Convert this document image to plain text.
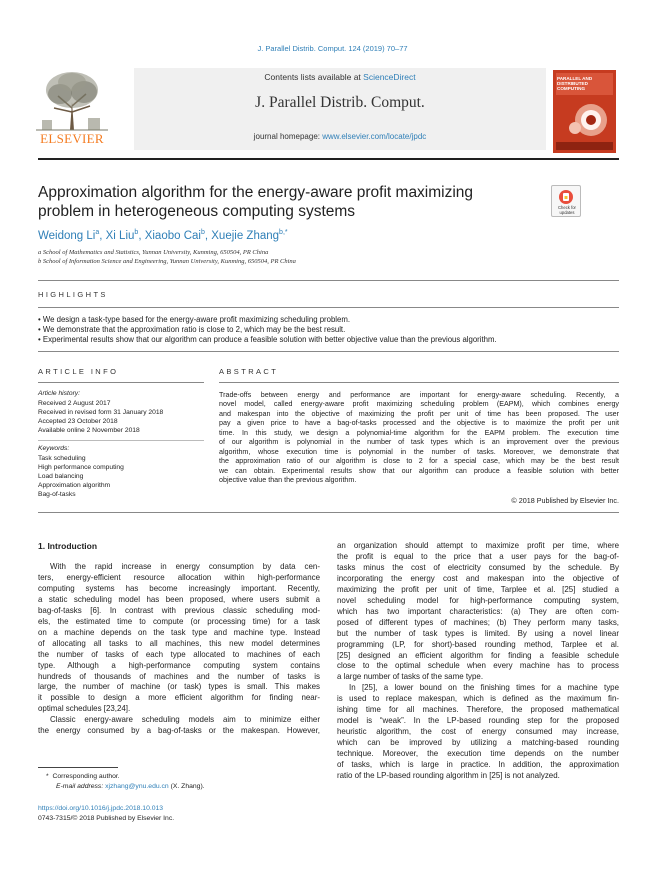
J. Parallel Distrib. Comput. 124 (2019) 70–77
Contents lists available at ScienceDirect
J. Parallel Distrib. Comput.
journal homepage: www.elsevier.com/locate/jpdc
ELSEVIER
PARALLEL AND DISTRIBUTED COMPUTING
Approximation algorithm for the energy-aware profit maximizing
problem in heterogeneous computing systems	Check for updates
Weidong Li$^a$, Xi Liu$^b$, Xiaobo Cai$^b$, Xuejie Zhang$^{b,*}$
a School of Mathematics and Statistics, Yunnan University, Kunming, 650504, PR China
b School of Information Science and Engineering, Yunnan University, Kunming, 650504, PR China
HIGHLIGHTS
• We design a task-type based for the energy-aware profit maximizing scheduling problem.
• We demonstrate that the approximation ratio is close to 2, which may be the best result.
• Experimental results show that our algorithm can produce a feasible solution with better objective value than the previous algorithm.
ARTICLE INFO
Article history:
Received 2 August 2017
Received in revised form 31 January 2018
Accepted 23 October 2018
Available online 2 November 2018
Keywords:
Task scheduling
High performance computing
Load balancing
Approximation algorithm
Bag-of-tasks
ABSTRACT
Trade-offs between energy and performance are important for energy-aware scheduling. Recently, a
novel model, called energy-aware profit maximizing scheduling problem (EAPM), which combines energy
and makespan into the objective of maximizing the profit per unit of time has been proposed. The user
pay a given price to have a bag-of-tasks processed and the objective is to maximize the profit per unit
time. In this study, we design a polynomial-time algorithm for the EAPM problem. The execution time
of our algorithm is polynomial in the number of task types which is an improvement over the previous
algorithm, whose execution time is polynomial in the number of tasks. Moreover, we demonstrate that
the approximation ratio of our algorithm is close to 2 for a special case, which may be the best result
we can obtain. Experimental results show that our algorithm can produce a feasible solution with better
objective value than the previous algorithm.
© 2018 Published by Elsevier Inc.
1. Introduction
With the rapid increase in energy consumption by data cen-
ters, energy-efficient resource allocation within high-performance
computing systems has become increasingly important. Recently,
a static scheduling model has been proposed, where users submit a
bag-of-tasks [6]. In contrast with previous classic scheduling mod-
els, the estimated time to compute (or processing time) for a task
on a machine depends on the task type and machine type. Instead
of allocating all tasks to all machines, this new model determines
the number of tasks of each type allocated to machines of each
type. Although a high-performance computing system contains
hundreds of thousands of machines and the number of tasks is
large, the number of machine (or task) types is small. This makes
it possible to design a more efficient algorithm for finding near-
optimal schedules [23,24].
Classic energy-aware scheduling models aim to minimize either
the energy consumed by a bag-of-tasks or the makespan. However,
an organization should attempt to maximize profit per time, where
the profit is equal to the price that a user pays for the bag-of-
tasks minus the cost of electricity consumed by the schedule. By
incorporating the energy cost and makespan into the objective of
maximizing the profit per unit of time, Tarplee et al. [25] studied a
novel scheduling model for high-performance computing system,
which has two important characteristics: (a) They are often com-
posed of different types of machines; (b) They perform many tasks,
but the number of task types is limited. By using a novel linear
programming (LP, for short)-based rounding method, Tarplee et al.
[25] designed an efficient algorithm for finding a feasible schedule
close to the optimal schedule when every machine has to process
a large number of tasks of the same type.
In [25], a lower bound on the finishing times for a machine type
is used to replace makespan, which is defined as the maximum fin-
ishing time for all machines. Therefore, the proposed mathematical
model is “weak”. In the LP-based rounding step for the proposed
heuristic algorithm, the cost of energy consumed may increase,
which can be improved by utilizing a matching-based rounding
technique. Moreover, the execution time depends on the number
of tasks, which is large in practice. In addition, the approximation
ratio of the LP-based rounding algorithm in [25] is not analyzed.
* Corresponding author.
E-mail address: xjzhang@ynu.edu.cn (X. Zhang).
https://doi.org/10.1016/j.jpdc.2018.10.013
0743-7315/© 2018 Published by Elsevier Inc.
